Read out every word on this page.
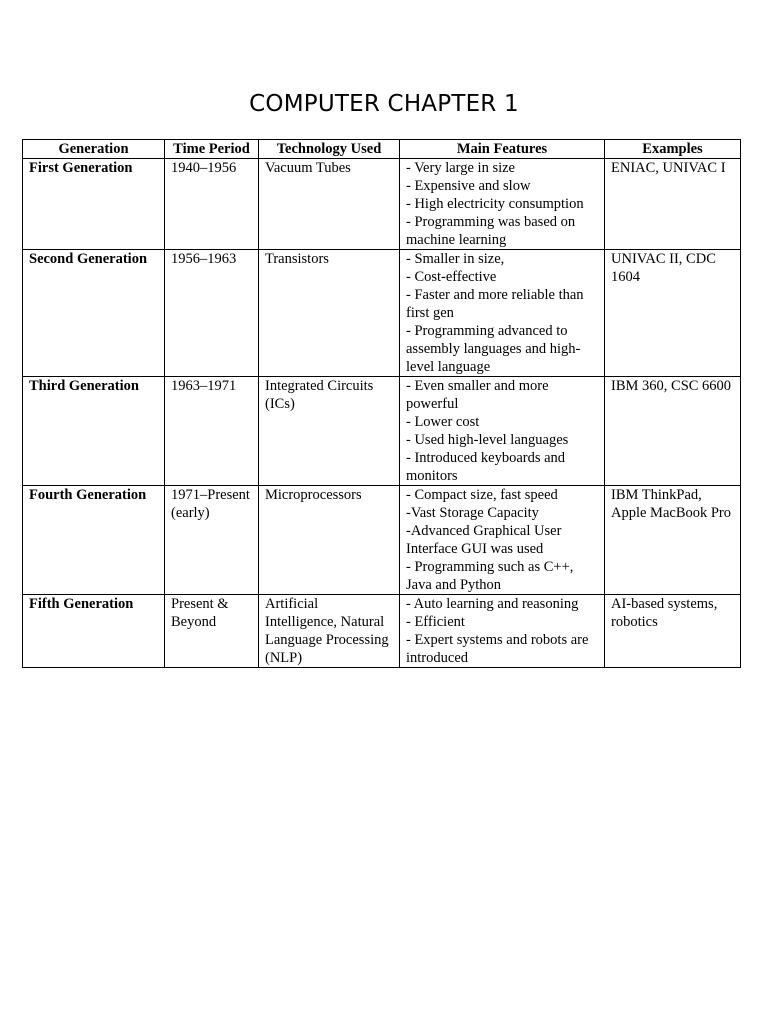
COMPUTER CHAPTER 1
Generation	Time Period	Technology Used	Main Features	Examples
First Generation	1940–1956	Vacuum Tubes	- Very large in size
- Expensive and slow
- High electricity consumption
- Programming was based on machine learning	ENIAC, UNIVAC I
Second Generation	1956–1963	Transistors	- Smaller in size,
- Cost-effective
- Faster and more reliable than first gen
- Programming advanced to assembly languages and high-level language	UNIVAC II, CDC 1604
Third Generation	1963–1971	Integrated Circuits (ICs)	- Even smaller and more powerful
- Lower cost
- Used high-level languages
- Introduced keyboards and monitors	IBM 360, CSC 6600
Fourth Generation	1971–Present (early)	Microprocessors	- Compact size, fast speed
-Vast Storage Capacity
-Advanced Graphical User Interface GUI was used
- Programming such as C++, Java and Python	IBM ThinkPad, Apple MacBook Pro
Fifth Generation	Present & Beyond	Artificial Intelligence, Natural Language Processing (NLP)	- Auto learning and reasoning
- Efficient
- Expert systems and robots are introduced	AI-based systems, robotics
